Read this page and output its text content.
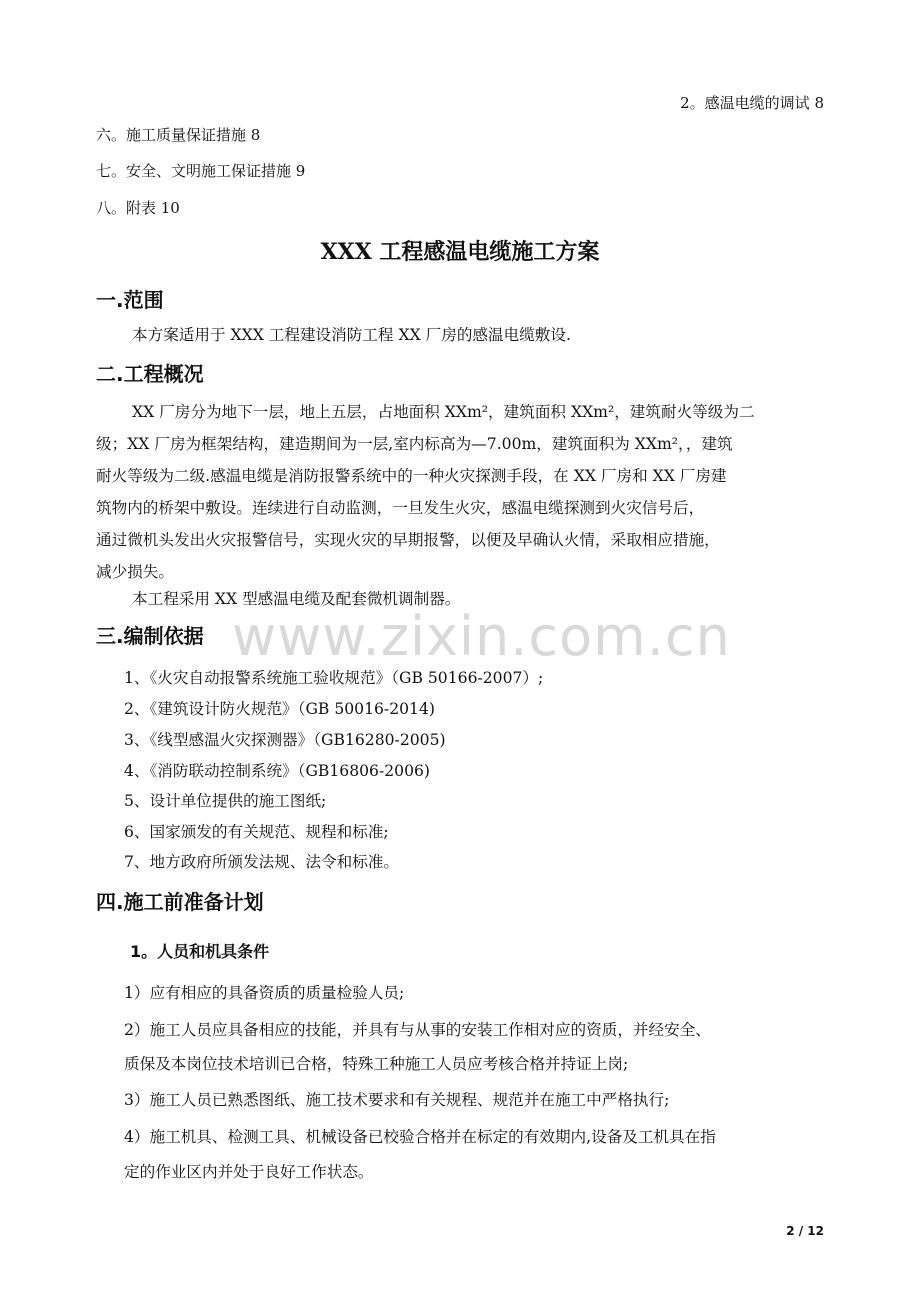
www.zixin.com.cn
2。感温电缆的调试 8
六。施工质量保证措施 8
七。安全、文明施工保证措施 9
八。附表 10
XXX 工程感温电缆施工方案
一.范围
本方案适用于 XXX 工程建设消防工程 XX 厂房的感温电缆敷设.
二.工程概况
XX 厂房分为地下一层，地上五层，占地面积 XXm²，建筑面积 XXm²，建筑耐火等级为二
级；XX 厂房为框架结构，建造期间为一层,室内标高为—7.00m，建筑面积为 XXm²，，建筑
耐火等级为二级.感温电缆是消防报警系统中的一种火灾探测手段，在 XX 厂房和 XX 厂房建
筑物内的桥架中敷设。连续进行自动监测，一旦发生火灾，感温电缆探测到火灾信号后，
通过微机头发出火灾报警信号，实现火灾的早期报警，以便及早确认火情，采取相应措施，
减少损失。
本工程采用 XX 型感温电缆及配套微机调制器。
三.编制依据
1、《火灾自动报警系统施工验收规范》（GB 50166-2007）;
2、《建筑设计防火规范》（GB 50016-2014)
3、《线型感温火灾探测器》（GB16280-2005)
4、《消防联动控制系统》（GB16806-2006)
5、设计单位提供的施工图纸;
6、国家颁发的有关规范、规程和标准;
7、地方政府所颁发法规、法令和标准。
四.施工前准备计划
1。人员和机具条件
1）应有相应的具备资质的质量检验人员;
2）施工人员应具备相应的技能，并具有与从事的安装工作相对应的资质，并经安全、
质保及本岗位技术培训已合格，特殊工种施工人员应考核合格并持证上岗;
3）施工人员已熟悉图纸、施工技术要求和有关规程、规范并在施工中严格执行;
4）施工机具、检测工具、机械设备已校验合格并在标定的有效期内,设备及工机具在指
定的作业区内并处于良好工作状态。
2 / 12
